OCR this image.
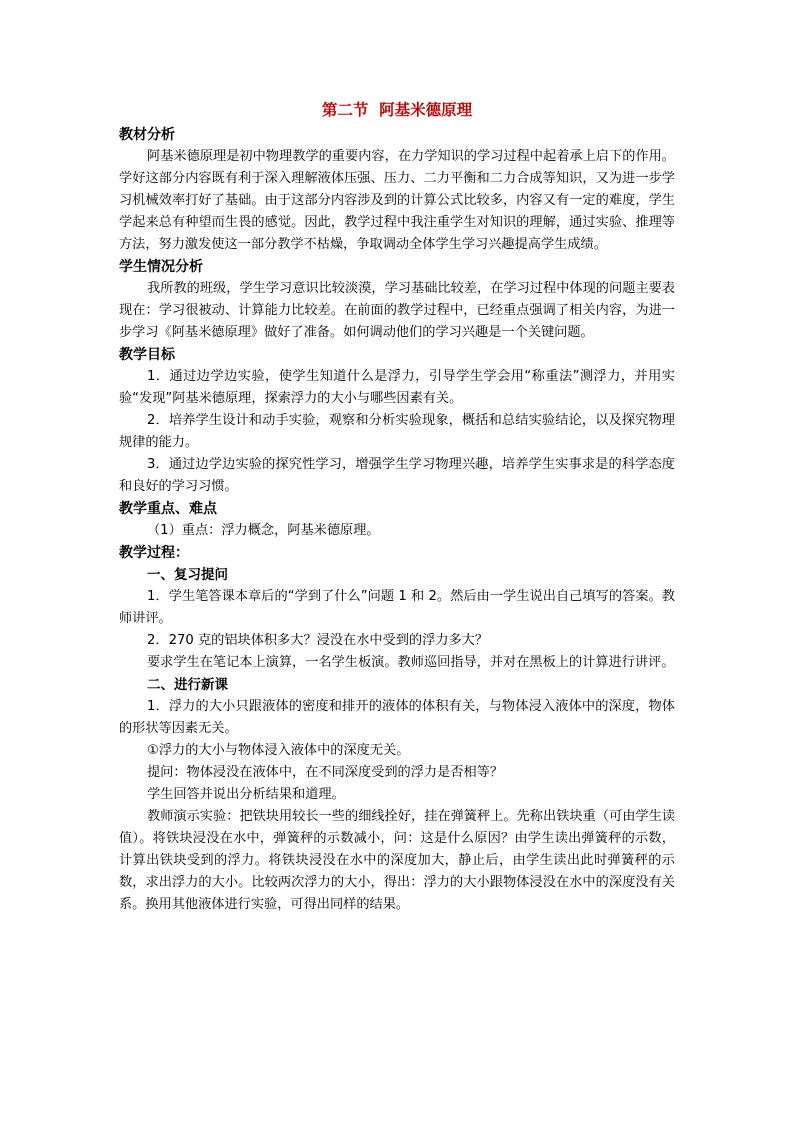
第二节  阿基米德原理
教材分析
阿基米德原理是初中物理教学的重要内容，在力学知识的学习过程中起着承上启下的作用。学好这部分内容既有利于深入理解液体压强、压力、二力平衡和二力合成等知识，又为进一步学习机械效率打好了基础。由于这部分内容涉及到的计算公式比较多，内容又有一定的难度，学生学起来总有种望而生畏的感觉。因此，教学过程中我注重学生对知识的理解，通过实验、推理等方法，努力激发使这一部分教学不枯燥，争取调动全体学生学习兴趣提高学生成绩。
学生情况分析
我所教的班级，学生学习意识比较淡漠，学习基础比较差，在学习过程中体现的问题主要表现在：学习很被动、计算能力比较差。在前面的教学过程中，已经重点强调了相关内容，为进一步学习《阿基米德原理》做好了准备。如何调动他们的学习兴趣是一个关键问题。
教学目标
1．通过边学边实验，使学生知道什么是浮力，引导学生学会用“称重法”测浮力，并用实验“发现”阿基米德原理，探索浮力的大小与哪些因素有关。
2．培养学生设计和动手实验，观察和分析实验现象，概括和总结实验结论，以及探究物理规律的能力。
3．通过边学边实验的探究性学习，增强学生学习物理兴趣，培养学生实事求是的科学态度和良好的学习习惯。
教学重点、难点
（1）重点：浮力概念，阿基米德原理。
教学过程：
一、复习提问
1．学生笔答课本章后的“学到了什么”问题 1 和 2。然后由一学生说出自己填写的答案。教师讲评。
2．270 克的铝块体积多大？浸没在水中受到的浮力多大？
要求学生在笔记本上演算，一名学生板演。教师巡回指导，并对在黑板上的计算进行讲评。
二、进行新课
1．浮力的大小只跟液体的密度和排开的液体的体积有关，与物体浸入液体中的深度，物体的形状等因素无关。
①浮力的大小与物体浸入液体中的深度无关。
提问：物体浸没在液体中，在不同深度受到的浮力是否相等？
学生回答并说出分析结果和道理。
教师演示实验：把铁块用较长一些的细线拴好，挂在弹簧秤上。先称出铁块重（可由学生读值）。将铁块浸没在水中，弹簧秤的示数减小，问：这是什么原因？由学生读出弹簧秤的示数，计算出铁块受到的浮力。将铁块浸没在水中的深度加大，静止后，由学生读出此时弹簧秤的示数，求出浮力的大小。比较两次浮力的大小，得出：浮力的大小跟物体浸没在水中的深度没有关系。换用其他液体进行实验，可得出同样的结果。
